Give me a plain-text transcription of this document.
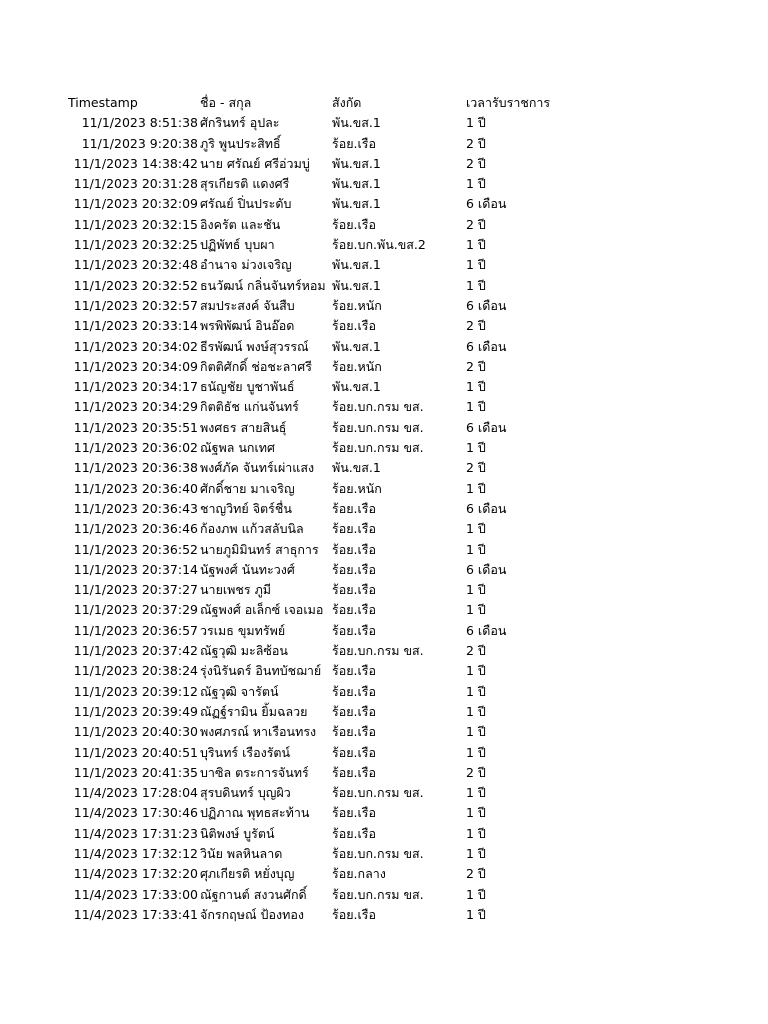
Timestamp	ชื่อ - สกุล	สังกัด	เวลารับราชการ
11/1/2023 8:51:38 ศักรินทร์ อุปละ	พัน.ขส.1	1 ปี
11/1/2023 9:20:38 ภูริ พูนประสิทธิ์	ร้อย.เรือ	2 ปี
11/1/2023 14:38:42 นาย ศรัณย์ ศรีอ่วมบู่	พัน.ขส.1	2 ปี
11/1/2023 20:31:28 สุรเกียรติ แดงศรี	พัน.ขส.1	1 ปี
11/1/2023 20:32:09 ศรัณย์ ปิ่นประดับ	พัน.ขส.1	6 เดือน
11/1/2023 20:32:15 อิงครัต และชัน	ร้อย.เรือ	2 ปี
11/1/2023 20:32:25 ปฏิพัทธ์ บุบผา	ร้อย.บก.พัน.ขส.2	1 ปี
11/1/2023 20:32:48 อำนาจ ม่วงเจริญ	พัน.ขส.1	1 ปี
11/1/2023 20:32:52 ธนวัฒน์ กลิ่นจันทร์หอม พัน.ขส.1	1 ปี
11/1/2023 20:32:57 สมประสงค์ จันสืบ	ร้อย.หนัก	6 เดือน
11/1/2023 20:33:14 พรพิพัฒน์ อินอ๊อด	ร้อย.เรือ	2 ปี
11/1/2023 20:34:02 ธีรพัฒน์ พงษ์สุวรรณ์	พัน.ขส.1	6 เดือน
11/1/2023 20:34:09 กิตติศักดิ์ ช่อชะลาศรี	ร้อย.หนัก	2 ปี
11/1/2023 20:34:17 ธนัญชัย บูชาพันธ์	พัน.ขส.1	1 ปี
11/1/2023 20:34:29 กิตติธัช แก่นจันทร์	ร้อย.บก.กรม ขส.	1 ปี
11/1/2023 20:35:51 พงศธร สายสินธุ์	ร้อย.บก.กรม ขส.	6 เดือน
11/1/2023 20:36:02 ณัฐพล นกเทศ	ร้อย.บก.กรม ขส.	1 ปี
11/1/2023 20:36:38 พงศ์ภัค จันทร์เผ่าแสง	พัน.ขส.1	2 ปี
11/1/2023 20:36:40 ศักดิ์ชาย มาเจริญ	ร้อย.หนัก	1 ปี
11/1/2023 20:36:43 ชาญวิทย์ จิตร์ชื่น	ร้อย.เรือ	6 เดือน
11/1/2023 20:36:46 ก้องภพ แก้วสลับนิล	ร้อย.เรือ	1 ปี
11/1/2023 20:36:52 นายภูมิมินทร์ สาธุการ	ร้อย.เรือ	1 ปี
11/1/2023 20:37:14 นัฐพงศ์ นันทะวงศ์	ร้อย.เรือ	6 เดือน
11/1/2023 20:37:27 นายเพชร ภูมี	ร้อย.เรือ	1 ปี
11/1/2023 20:37:29 ณัฐพงศ์ อเล็กซ์ เจอเมอ ร้อย.เรือ	1 ปี
11/1/2023 20:36:57 วรเมธ ขุมทรัพย์	ร้อย.เรือ	6 เดือน
11/1/2023 20:37:42 ณัฐวุฒิ มะลิซ้อน	ร้อย.บก.กรม ขส.	2 ปี
11/1/2023 20:38:24 รุ่งนิรันดร์ อินทบัชฌาย์ ร้อย.เรือ	1 ปี
11/1/2023 20:39:12 ณัฐวุฒิ จารัตน์	ร้อย.เรือ	1 ปี
11/1/2023 20:39:49 ณัฏฐ์รามิน ยิ้มฉลวย	ร้อย.เรือ	1 ปี
11/1/2023 20:40:30 พงศภรณ์ หาเรือนทรง	ร้อย.เรือ	1 ปี
11/1/2023 20:40:51 บุรินทร์ เรืองรัตน์	ร้อย.เรือ	1 ปี
11/1/2023 20:41:35 บาซิล ตระการจันทร์	ร้อย.เรือ	2 ปี
11/4/2023 17:28:04 สุรบดินทร์ บุญผิว	ร้อย.บก.กรม ขส.	1 ปี
11/4/2023 17:30:46 ปฏิภาณ พุทธสะท้าน	ร้อย.เรือ	1 ปี
11/4/2023 17:31:23 นิติพงษ์ บูรัตน์	ร้อย.เรือ	1 ปี
11/4/2023 17:32:12 วินัย พลหินลาด	ร้อย.บก.กรม ขส.	1 ปี
11/4/2023 17:32:20 ศุภเกียรติ หยั่งบุญ	ร้อย.กลาง	2 ปี
11/4/2023 17:33:00 ณัฐกานต์ สงวนศักดิ์	ร้อย.บก.กรม ขส.	1 ปี
11/4/2023 17:33:41 จักรกฤษณ์ ป้องทอง	ร้อย.เรือ	1 ปี
